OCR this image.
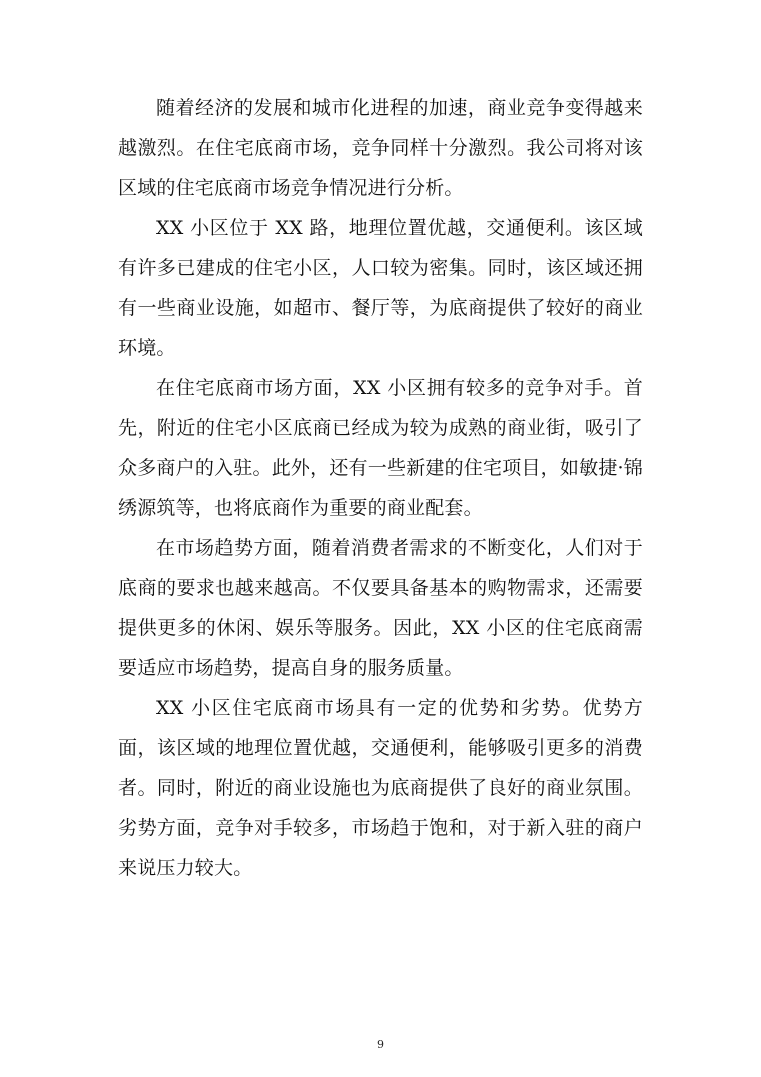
随着经济的发展和城市化进程的加速，商业竞争变得越来越激烈。在住宅底商市场，竞争同样十分激烈。我公司将对该区域的住宅底商市场竞争情况进行分析。

XX 小区位于 XX 路，地理位置优越，交通便利。该区域有许多已建成的住宅小区，人口较为密集。同时，该区域还拥有一些商业设施，如超市、餐厅等，为底商提供了较好的商业环境。

在住宅底商市场方面，XX 小区拥有较多的竞争对手。首先，附近的住宅小区底商已经成为较为成熟的商业街，吸引了众多商户的入驻。此外，还有一些新建的住宅项目，如敏捷·锦绣源筑等，也将底商作为重要的商业配套。

在市场趋势方面，随着消费者需求的不断变化，人们对于底商的要求也越来越高。不仅要具备基本的购物需求，还需要提供更多的休闲、娱乐等服务。因此，XX 小区的住宅底商需要适应市场趋势，提高自身的服务质量。

XX 小区住宅底商市场具有一定的优势和劣势。优势方面，该区域的地理位置优越，交通便利，能够吸引更多的消费者。同时，附近的商业设施也为底商提供了良好的商业氛围。劣势方面，竞争对手较多，市场趋于饱和，对于新入驻的商户来说压力较大。

9
